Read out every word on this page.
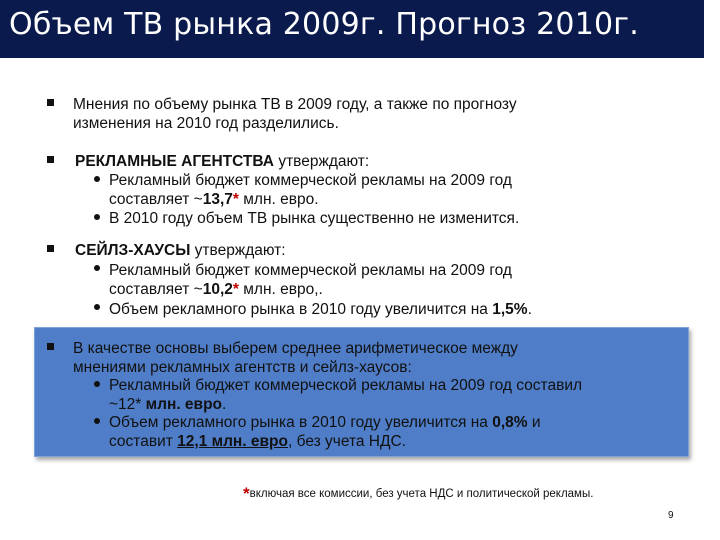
Объем ТВ рынка 2009г. Прогноз 2010г.
Мнения по объему рынка ТВ в 2009 году, а также по прогнозу
изменения на 2010 год разделились.
РЕКЛАМНЫЕ АГЕНТСТВА утверждают:
Рекламный бюджет коммерческой рекламы на 2009 год
составляет ~13,7* млн. евро.
В 2010 году объем ТВ рынка существенно не изменится.
СЕЙЛЗ-ХАУСЫ утверждают:
Рекламный бюджет коммерческой рекламы на 2009 год
составляет ~10,2* млн. евро,.
Объем рекламного рынка в 2010 году увеличится на 1,5%.
В качестве основы выберем среднее арифметическое между
мнениями рекламных агентств и сейлз-хаусов:
Рекламный бюджет коммерческой рекламы на 2009 год составил
~12* млн. евро.
Объем рекламного рынка в 2010 году увеличится на 0,8% и
составит 12,1 млн. евро, без учета НДС.
*включая все комиссии, без учета НДС и политической рекламы.
9
